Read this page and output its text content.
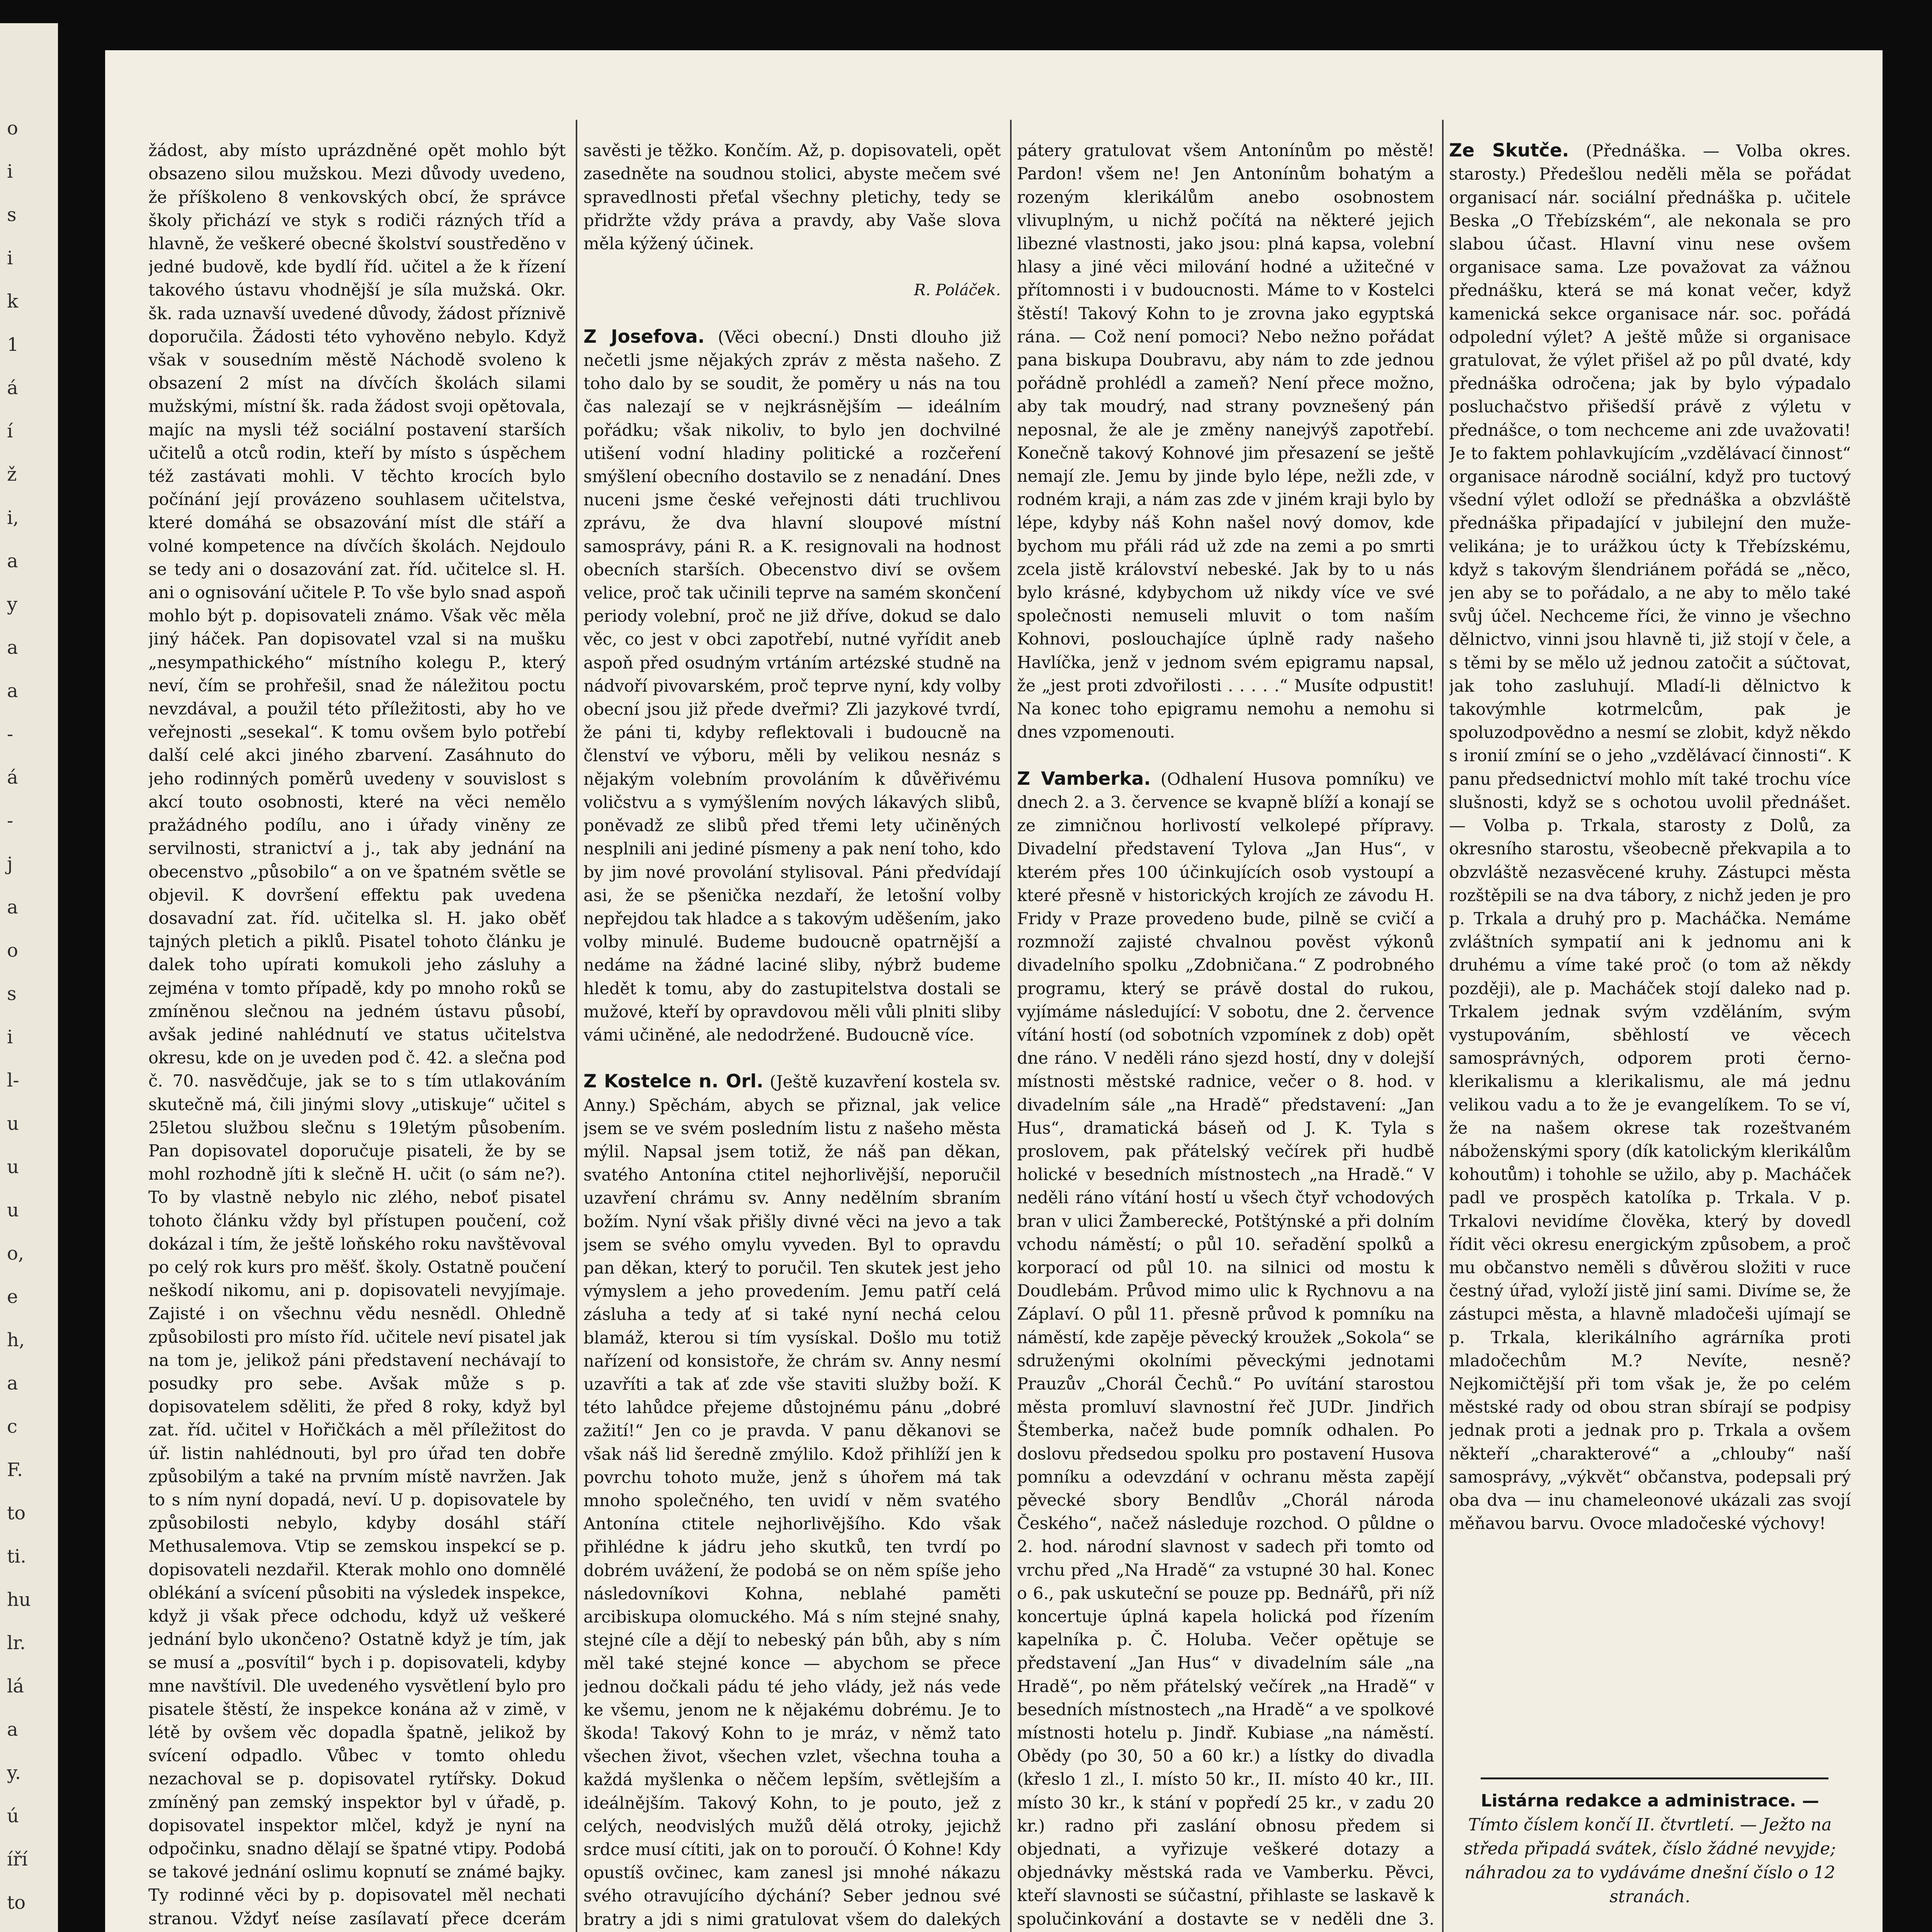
o
i
s
i
k
1
á
í
ž
i,
a
y
a
a
-
á
-
j
a
o
s
i
l-
u
u
u
o,
e
h,
a
c
F.
to
ti.
hu
lr.
lá
a
y.
ú
íří
to

žádost, aby místo uprázdněné opět mohlo být obsazeno silou mužskou. Mezi důvody uvedeno, že příškoleno 8 venkovských obcí, že správce školy přichází ve styk s rodiči rázných tříd a hlavně, že veškeré obecné školství soustředěno v jedné budově, kde bydlí říd. učitel a že k řízení takového ústavu vhodnější je síla mužská. Okr. šk. rada uznavší uvedené důvody, žádost příznivě doporučila. Žádosti této vyhověno nebylo. Když však v sousedním městě Náchodě svoleno k obsazení 2 míst na dívčích školách silami mužskými, místní šk. rada žádost svoji opětovala, majíc na mysli též sociální postavení starších učitelů a otců rodin, kteří by místo s úspěchem též zastávati mohli. V těchto krocích bylo počínání její provázeno souhlasem učitelstva, které domáhá se obsazování míst dle stáří a volné kompetence na dívčích školách. Nejdoulo se tedy ani o dosazování zat. říd. učitelce sl. H. ani o ognisování učitele P. To vše bylo snad aspoň mohlo být p. dopisovateli známo. Však věc měla jiný háček. Pan dopisovatel vzal si na mušku „nesympathického“ místního kolegu P., který neví, čím se prohřešil, snad že náležitou poctu nevzdával, a použil této příležitosti, aby ho ve veřejnosti „sesekal“. K tomu ovšem bylo potřebí další celé akci jiného zbarvení. Zasáhnuto do jeho rodinných poměrů uvedeny v souvislost s akcí touto osobnosti, které na věci nemělo pražádného podílu, ano i úřady viněny ze servilnosti, stranictví a j., tak aby jednání na obecenstvo „působilo“ a on ve špatném světle se objevil. K dovršení effektu pak uvedena dosavadní zat. říd. učitelka sl. H. jako oběť tajných pletich a piklů. Pisatel tohoto článku je dalek toho upírati komukoli jeho zásluhy a zejména v tomto případě, kdy po mnoho roků se zmíněnou slečnou na jedném ústavu působí, avšak jediné nahlédnutí ve status učitelstva okresu, kde on je uveden pod č. 42. a slečna pod č. 70. nasvědčuje, jak se to s tím utlakováním skutečně má, čili jinými slovy „utiskuje“ učitel s 25letou službou slečnu s 19letým působením. Pan dopisovatel doporučuje pisateli, že by se mohl rozhodně jíti k slečně H. učit (o sám ne?). To by vlastně nebylo nic zlého, neboť pisatel tohoto článku vždy byl přístupen poučení, což dokázal i tím, že ještě loňského roku navštěvoval po celý rok kurs pro měšť. školy. Ostatně poučení neškodí nikomu, ani p. dopisovateli nevyjímaje. Zajisté i on všechnu vědu nesnědl. Ohledně způsobilosti pro místo říd. učitele neví pisatel jak na tom je, jelikož páni představení nechávají to posudky pro sebe. Avšak může s p. dopisovatelem sděliti, že před 8 roky, když byl zat. říd. učitel v Hořičkách a měl příležitost do úř. listin nahlédnouti, byl pro úřad ten dobře způsobilým a také na prvním místě navržen. Jak to s ním nyní dopadá, neví. U p. dopisovatele by způsobilosti nebylo, kdyby dosáhl stáří Methusalemova. Vtip se zemskou inspekcí se p. dopisovateli nezdařil. Kterak mohlo ono domnělé oblékání a svícení působiti na výsledek inspekce, když ji však přece odchodu, když už veškeré jednání bylo ukončeno? Ostatně když je tím, jak se musí a „posvítil“ bych i p. dopisovateli, kdyby mne navštívil. Dle uvedeného vysvětlení bylo pro pisatele štěstí, že inspekce konána až v zimě, v létě by ovšem věc dopadla špatně, jelikož by svícení odpadlo. Vůbec v tomto ohledu nezachoval se p. dopisovatel rytířsky. Dokud zmíněný pan zemský inspektor byl v úřadě, p. dopisovatel inspektor mlčel, když je nyní na odpočinku, snadno dělají se špatné vtipy. Podobá se takové jednání oslimu kopnutí se známé bajky. Ty rodinné věci by p. dopisovatel měl nechati stranou. Vždyť neíse zasílavatí přece dcerám

savěsti je těžko. Končím. Až, p. dopisovateli, opět zasedněte na soudnou stolici, abyste mečem své spravedlnosti přeťal všechny pletichy, tedy se přidržte vždy práva a pravdy, aby Vaše slova měla kýžený účinek.

R. Poláček.

Z Josefova. (Věci obecní.) Dnsti dlouho již nečetli jsme nějakých zpráv z města našeho. Z toho dalo by se soudit, že poměry u nás na tou čas nalezají se v nejkrásnějším — ideálním pořádku; však nikoliv, to bylo jen dochvilné utišení vodní hladiny politické a rozčeření smýšlení obecního dostavilo se z nenadání. Dnes nuceni jsme české veřejnosti dáti truchlivou zprávu, že dva hlavní sloupové místní samosprávy, páni R. a K. resignovali na hodnost obecních starších. Obecenstvo diví se ovšem velice, proč tak učinili teprve na samém skončení periody volební, proč ne již dříve, dokud se dalo věc, co jest v obci zapotřebí, nutné vyřídit aneb aspoň před osudným vrtáním artézské studně na nádvoří pivovarském, proč teprve nyní, kdy volby obecní jsou již přede dveřmi? Zli jazykové tvrdí, že páni ti, kdyby reflektovali i budoucně na členství ve výboru, měli by velikou nesnáz s nějakým volebním provoláním k důvěřivému voličstvu a s vymýšlením nových lákavých slibů, poněvadž ze slibů před třemi lety učiněných nesplnili ani jediné písmeny a pak není toho, kdo by jim nové provolání stylisoval. Páni předvídají asi, že se pšenička nezdaří, že letošní volby nepřejdou tak hladce a s takovým uděšením, jako volby minulé. Budeme budoucně opatrnější a nedáme na žádné laciné sliby, nýbrž budeme hledět k tomu, aby do zastupitelstva dostali se mužové, kteří by opravdovou měli vůli plniti sliby vámi učiněné, ale nedodržené. Budoucně více.

Z Kostelce n. Orl. (Ještě kuzavření kostela sv. Anny.) Spěchám, abych se přiznal, jak velice jsem se ve svém posledním listu z našeho města mýlil. Napsal jsem totiž, že náš pan děkan, svatého Antonína ctitel nejhorlivější, neporučil uzavření chrámu sv. Anny nedělním sbraním božím. Nyní však přišly divné věci na jevo a tak jsem se svého omylu vyveden. Byl to opravdu pan děkan, který to poručil. Ten skutek jest jeho výmyslem a jeho provedením. Jemu patří celá zásluha a tedy ať si také nyní nechá celou blamáž, kterou si tím vysískal. Došlo mu totiž nařízení od konsistoře, že chrám sv. Anny nesmí uzavříti a tak ať zde vše staviti služby boží. K této lahůdce přejeme důstojnému pánu „dobré zažití!“ Jen co je pravda. V panu děkanovi se však náš lid šeredně zmýlilo. Kdož přihlíží jen k povrchu tohoto muže, jenž s úhořem má tak mnoho společného, ten uvidí v něm svatého Antonína ctitele nejhorlivějšího. Kdo však přihlédne k jádru jeho skutků, ten tvrdí po dobrém uvážení, že podobá se on něm spíše jeho následovníkovi Kohna, neblahé paměti arcibiskupa olomuckého. Má s ním stejné snahy, stejné cíle a dějí to nebeský pán bůh, aby s ním měl také stejné konce — abychom se přece jednou dočkali pádu té jeho vlády, jež nás vede ke všemu, jenom ne k nějakému dobrému. Je to škoda! Takový Kohn to je mráz, v němž tato všechen život, všechen vzlet, všechna touha a každá myšlenka o něčem lepším, světlejším a ideálnějším. Takový Kohn, to je pouto, jež z celých, neodvislých mužů dělá otroky, jejichž srdce musí cítiti, jak on to poroučí. Ó Kohne! Kdy opustíš ovčinec, kam zanesl jsi mnohé nákazu svého otravujícího dýchání? Seber jednou své bratry a jdi s nimi gratulovat všem do dalekých

pátery gratulovat všem Antonínům po městě! Pardon! všem ne! Jen Antonínům bohatým a rozeným klerikálům anebo osobnostem vlivuplným, u nichž počítá na některé jejich libezné vlastnosti, jako jsou: plná kapsa, volební hlasy a jiné věci milování hodné a užitečné v přítomnosti i v budoucnosti. Máme to v Kostelci štěstí! Takový Kohn to je zrovna jako egyptská rána. — Což není pomoci? Nebo nežno pořádat pana biskupa Doubravu, aby nám to zde jednou pořádně prohlédl a zameň? Není přece možno, aby tak moudrý, nad strany povznešený pán neposnal, že ale je změny nanejvýš zapotřebí. Konečně takový Kohnové jim přesazení se ještě nemají zle. Jemu by jinde bylo lépe, nežli zde, v rodném kraji, a nám zas zde v jiném kraji bylo by lépe, kdyby náš Kohn našel nový domov, kde bychom mu přáli rád už zde na zemi a po smrti zcela jistě království nebeské. Jak by to u nás bylo krásné, kdybychom už nikdy více ve své společnosti nemuseli mluvit o tom naším Kohnovi, poslouchajíce úplně rady našeho Havlíčka, jenž v jednom svém epigramu napsal, že „jest proti zdvořilosti . . . . .“ Musíte odpustit! Na konec toho epigramu nemohu a nemohu si dnes vzpomenouti.

Z Vamberka. (Odhalení Husova pomníku) ve dnech 2. a 3. července se kvapně blíží a konají se ze zimničnou horlivostí velkolepé přípravy. Divadelní představení Tylova „Jan Hus“, v kterém přes 100 účinkujících osob vystoupí a které přesně v historických krojích ze závodu H. Fridy v Praze provedeno bude, pilně se cvičí a rozmnoží zajisté chvalnou pověst výkonů divadelního spolku „Zdobničana.“ Z podrobného programu, který se právě dostal do rukou, vyjímáme následující: V sobotu, dne 2. července vítání hostí (od sobotních vzpomínek z dob) opět dne ráno. V neděli ráno sjezd hostí, dny v dolejší místnosti městské radnice, večer o 8. hod. v divadelním sále „na Hradě“ představení: „Jan Hus“, dramatická báseň od J. K. Tyla s proslovem, pak přátelský večírek při hudbě holické v besedních místnostech „na Hradě.“ V neděli ráno vítání hostí u všech čtyř vchodových bran v ulici Žamberecké, Potštýnské a při dolním vchodu náměstí; o půl 10. seřadění spolků a korporací od půl 10. na silnici od mostu k Doudlebám. Průvod mimo ulic k Rychnovu a na Záplaví. O půl 11. přesně průvod k pomníku na náměstí, kde zapěje pěvecký kroužek „Sokola“ se sdruženými okolními pěveckými jednotami Prauzův „Chorál Čechů.“ Po uvítání starostou města promluví slavnostní řeč JUDr. Jindřich Štemberka, načež bude pomník odhalen. Po doslovu předsedou spolku pro postavení Husova pomníku a odevzdání v ochranu města zapějí pěvecké sbory Bendlův „Chorál národa Českého“, načež následuje rozchod. O půldne o 2. hod. národní slavnost v sadech při tomto od vrchu před „Na Hradě“ za vstupné 30 hal. Konec o 6., pak uskuteční se pouze pp. Bednářů, při níž koncertuje úplná kapela holická pod řízením kapelníka p. Č. Holuba. Večer opětuje se představení „Jan Hus“ v divadelním sále „na Hradě“, po něm přátelský večírek „na Hradě“ v besedních místnostech „na Hradě“ a ve spolkové místnosti hotelu p. Jindř. Kubiase „na náměstí. Obědy (po 30, 50 a 60 kr.) a lístky do divadla (křeslo 1 zl., I. místo 50 kr., II. místo 40 kr., III. místo 30 kr., k stání v popředí 25 kr., v zadu 20 kr.) radno při zaslání obnosu předem si objednati, a vyřizuje veškeré dotazy a objednávky městská rada ve Vamberku. Pěvci, kteří slavnosti se súčastní, přihlaste se laskavě k spolučinkování a dostavte se v neděli dne 3.

Ze Skutče. (Přednáška. — Volba okres. starosty.) Předešlou neděli měla se pořádat organisací nár. sociální přednáška p. učitele Beska „O Třebízském“, ale nekonala se pro slabou účast. Hlavní vinu nese ovšem organisace sama. Lze považovat za vážnou přednášku, která se má konat večer, když kamenická sekce organisace nár. soc. pořádá odpolední výlet? A ještě může si organisace gratulovat, že výlet přišel až po půl dvaté, kdy přednáška odročena; jak by bylo výpadalo posluchačstvo přišedší právě z výletu v přednášce, o tom nechceme ani zde uvažovati! Je to faktem pohlavkujícím „vzdělávací činnost“ organisace národně sociální, když pro tuctový všední výlet odloží se přednáška a obzvláště přednáška připadající v jubilejní den muže-velikána; je to urážkou úcty k Třebízskému, když s takovým šlendriánem pořádá se „něco, jen aby se to pořádalo, a ne aby to mělo také svůj účel. Nechceme říci, že vinno je všechno dělnictvo, vinni jsou hlavně ti, již stojí v čele, a s těmi by se mělo už jednou zatočit a súčtovat, jak toho zasluhují. Mladí-li dělnictvo k takovýmhle kotrmelcům, pak je spoluzodpovědno a nesmí se zlobit, když někdo s ironií zmíní se o jeho „vzdělávací činnosti“. K panu předsednictví mohlo mít také trochu více slušnosti, když se s ochotou uvolil přednášet. — Volba p. Trkala, starosty z Dolů, za okresního starostu, všeobecně překvapila a to obzvláště nezasvěcené kruhy. Zástupci města rozštěpili se na dva tábory, z nichž jeden je pro p. Trkala a druhý pro p. Macháčka. Nemáme zvláštních sympatií ani k jednomu ani k druhému a víme také proč (o tom až někdy později), ale p. Macháček stojí daleko nad p. Trkalem jednak svým vzděláním, svým vystupováním, sběhlostí ve věcech samosprávných, odporem proti černo-klerikalismu a klerikalismu, ale má jednu velikou vadu a to že je evangelíkem. To se ví, že na našem okrese tak rozeštvaném náboženskými spory (dík katolickým klerikálům kohoutům) i tohohle se užilo, aby p. Macháček padl ve prospěch katolíka p. Trkala. V p. Trkalovi nevidíme člověka, který by dovedl řídit věci okresu energickým způsobem, a proč mu občanstvo neměli s důvěrou složiti v ruce čestný úřad, vyloží jistě jiní sami. Divíme se, že zástupci města, a hlavně mladočeši ujímají se p. Trkala, klerikálního agrárníka proti mladočechům M.? Nevíte, nesně? Nejkomičtější při tom však je, že po celém městské rady od obou stran sbírají se podpisy jednak proti a jednak pro p. Trkala a ovšem někteří „charakterové“ a „chlouby“ naší samosprávy, „výkvět“ občanstva, podepsali prý oba dva — inu chameleonové ukázali zas svojí měňavou barvu. Ovoce mladočeské výchovy!

Listárna redakce a administrace. —
Tímto číslem končí II. čtvrtletí. — Ježto na středa připadá svátek, číslo žádné nevyjde; náhradou za to vydáváme dnešní číslo o 12 stranách.
